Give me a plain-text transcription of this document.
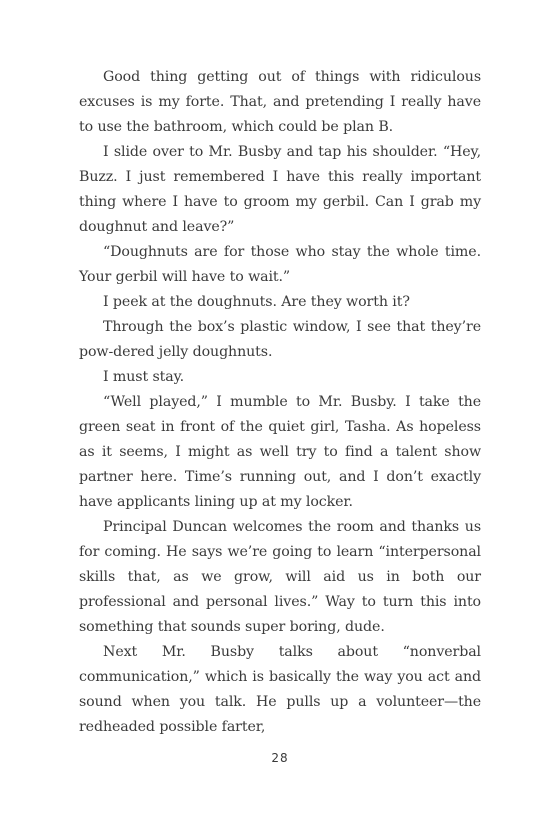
Good thing getting out of things with ridiculous excuses is my forte. That, and pretending I really have to use the bathroom, which could be plan B.

I slide over to Mr. Busby and tap his shoulder. “Hey, Buzz. I just remembered I have this really important thing where I have to groom my gerbil. Can I grab my doughnut and leave?”

“Doughnuts are for those who stay the whole time. Your gerbil will have to wait.”

I peek at the doughnuts. Are they worth it?

Through the box’s plastic window, I see that they’re pow-dered jelly doughnuts.

I must stay.

“Well played,” I mumble to Mr. Busby. I take the green seat in front of the quiet girl, Tasha. As hopeless as it seems, I might as well try to find a talent show partner here. Time’s running out, and I don’t exactly have applicants lining up at my locker.

Principal Duncan welcomes the room and thanks us for coming. He says we’re going to learn “interpersonal skills that, as we grow, will aid us in both our professional and personal lives.” Way to turn this into something that sounds super boring, dude.

Next Mr. Busby talks about “nonverbal communication,” which is basically the way you act and sound when you talk. He pulls up a volunteer—the redheaded possible farter,

28
